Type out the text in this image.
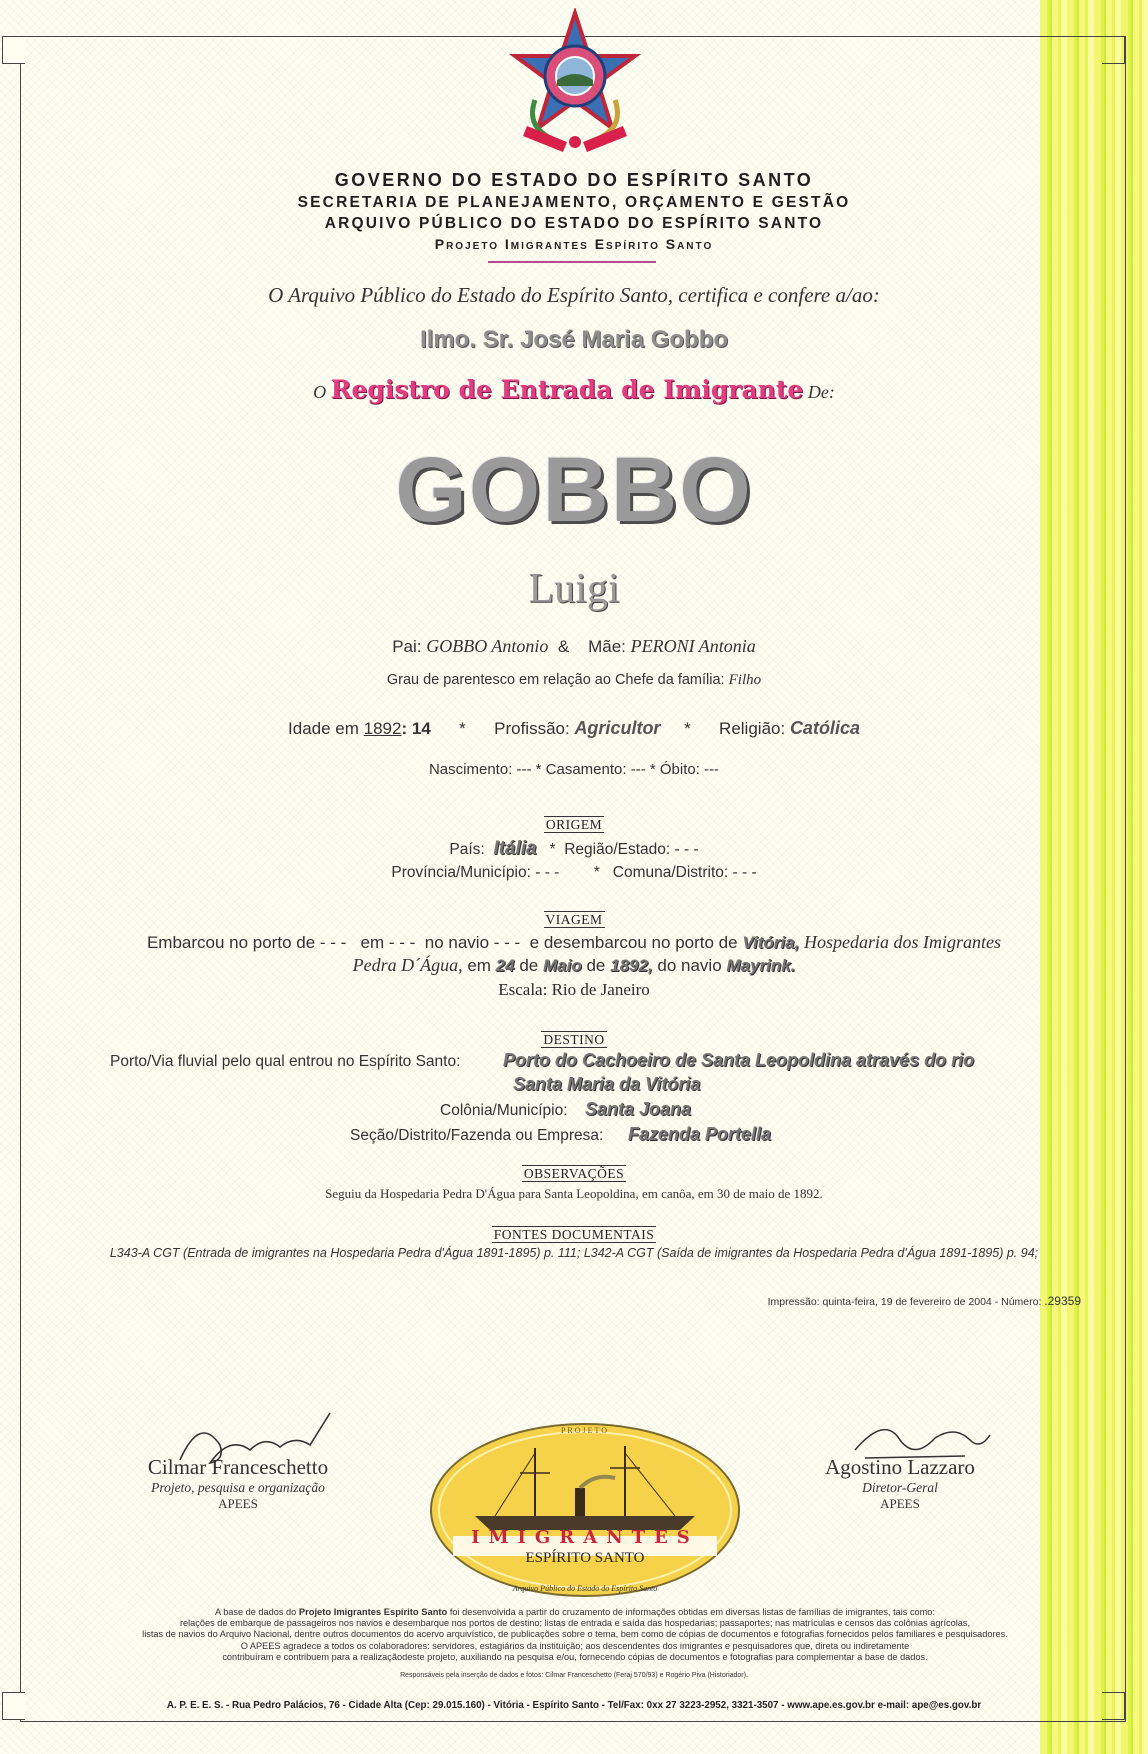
GOVERNO DO ESTADO DO ESPÍRITO SANTO
SECRETARIA DE PLANEJAMENTO, ORÇAMENTO E GESTÃO
ARQUIVO PÚBLICO DO ESTADO DO ESPÍRITO SANTO
Projeto Imigrantes Espírito Santo
O Arquivo Público do Estado do Espírito Santo, certifica e confere a/ao:
Ilmo. Sr. José Maria Gobbo
O Registro de Entrada de Imigrante De:
GOBBO
Luigi
Pai: GOBBO Antonio & Mãe: PERONI Antonia
Grau de parentesco em relação ao Chefe da família: Filho
Idade em 1892: 14 * Profissão: Agricultor * Religião: Católica
Nascimento: --- * Casamento: --- * Óbito: ---
ORIGEM
País: Itália * Região/Estado: - - -
Província/Município: - - - * Comuna/Distrito: - - -
VIAGEM
Embarcou no porto de - - - em - - - no navio - - - e desembarcou no porto de Vitória, Hospedaria dos Imigrantes
Pedra D´Água, em 24 de Maio de 1892, do navio Mayrink.
Escala: Rio de Janeiro
DESTINO
Porto/Via fluvial pelo qual entrou no Espírito Santo: Porto do Cachoeiro de Santa Leopoldina através do rio
Santa Maria da Vitória
Colônia/Município: Santa Joana
Seção/Distrito/Fazenda ou Empresa: Fazenda Portella
OBSERVAÇÕES
Seguiu da Hospedaria Pedra D'Água para Santa Leopoldina, em canôa, em 30 de maio de 1892.
FONTES DOCUMENTAIS
L343-A CGT (Entrada de imigrantes na Hospedaria Pedra d'Água 1891-1895) p. 111; L342-A CGT (Saída de imigrantes da Hospedaria Pedra d'Água 1891-1895) p. 94;
Impressão: quinta-feira, 19 de fevereiro de 2004 - Número: .29359
Cilmar Franceschetto
Projeto, pesquisa e organização
APEES
Agostino Lazzaro
Diretor-Geral
APEES
PROJETO
IMIGRANTES
ESPÍRITO SANTO
Arquivo Público do Estado do Espírito Santo
A base de dados do Projeto Imigrantes Espírito Santo foi desenvolvida a partir do cruzamento de informações obtidas em diversas listas de famílias de imigrantes, tais como:
relações de embarque de passageiros nos navios e desembarque nos portos de destino; listas de entrada e saída das hospedarias; passaportes; nas matrículas e censos das colônias agrícolas,
listas de navios do Arquivo Nacional, dentre outros documentos do acervo arquivístico, de publicações sobre o tema, bem como de cópias de documentos e fotografias fornecidos pelos familiares e pesquisadores.
O APEES agradece a todos os colaboradores: servidores, estagiários da instituição; aos descendentes dos imigrantes e pesquisadores que, direta ou indiretamente
contribuíram e contribuem para a realizaçãodeste projeto, auxiliando na pesquisa e/ou, fornecendo cópias de documentos e fotografias para complementar a base de dados.
Responsáveis pela inserção de dados e fotos: Cilmar Franceschetto (Feraj 570/93) e Rogério Piva (Historiador).
A. P. E. E. S. - Rua Pedro Palácios, 76 - Cidade Alta (Cep: 29.015.160) - Vitória - Espírito Santo - Tel/Fax: 0xx 27 3223-2952, 3321-3507 - www.ape.es.gov.br e-mail: ape@es.gov.br
